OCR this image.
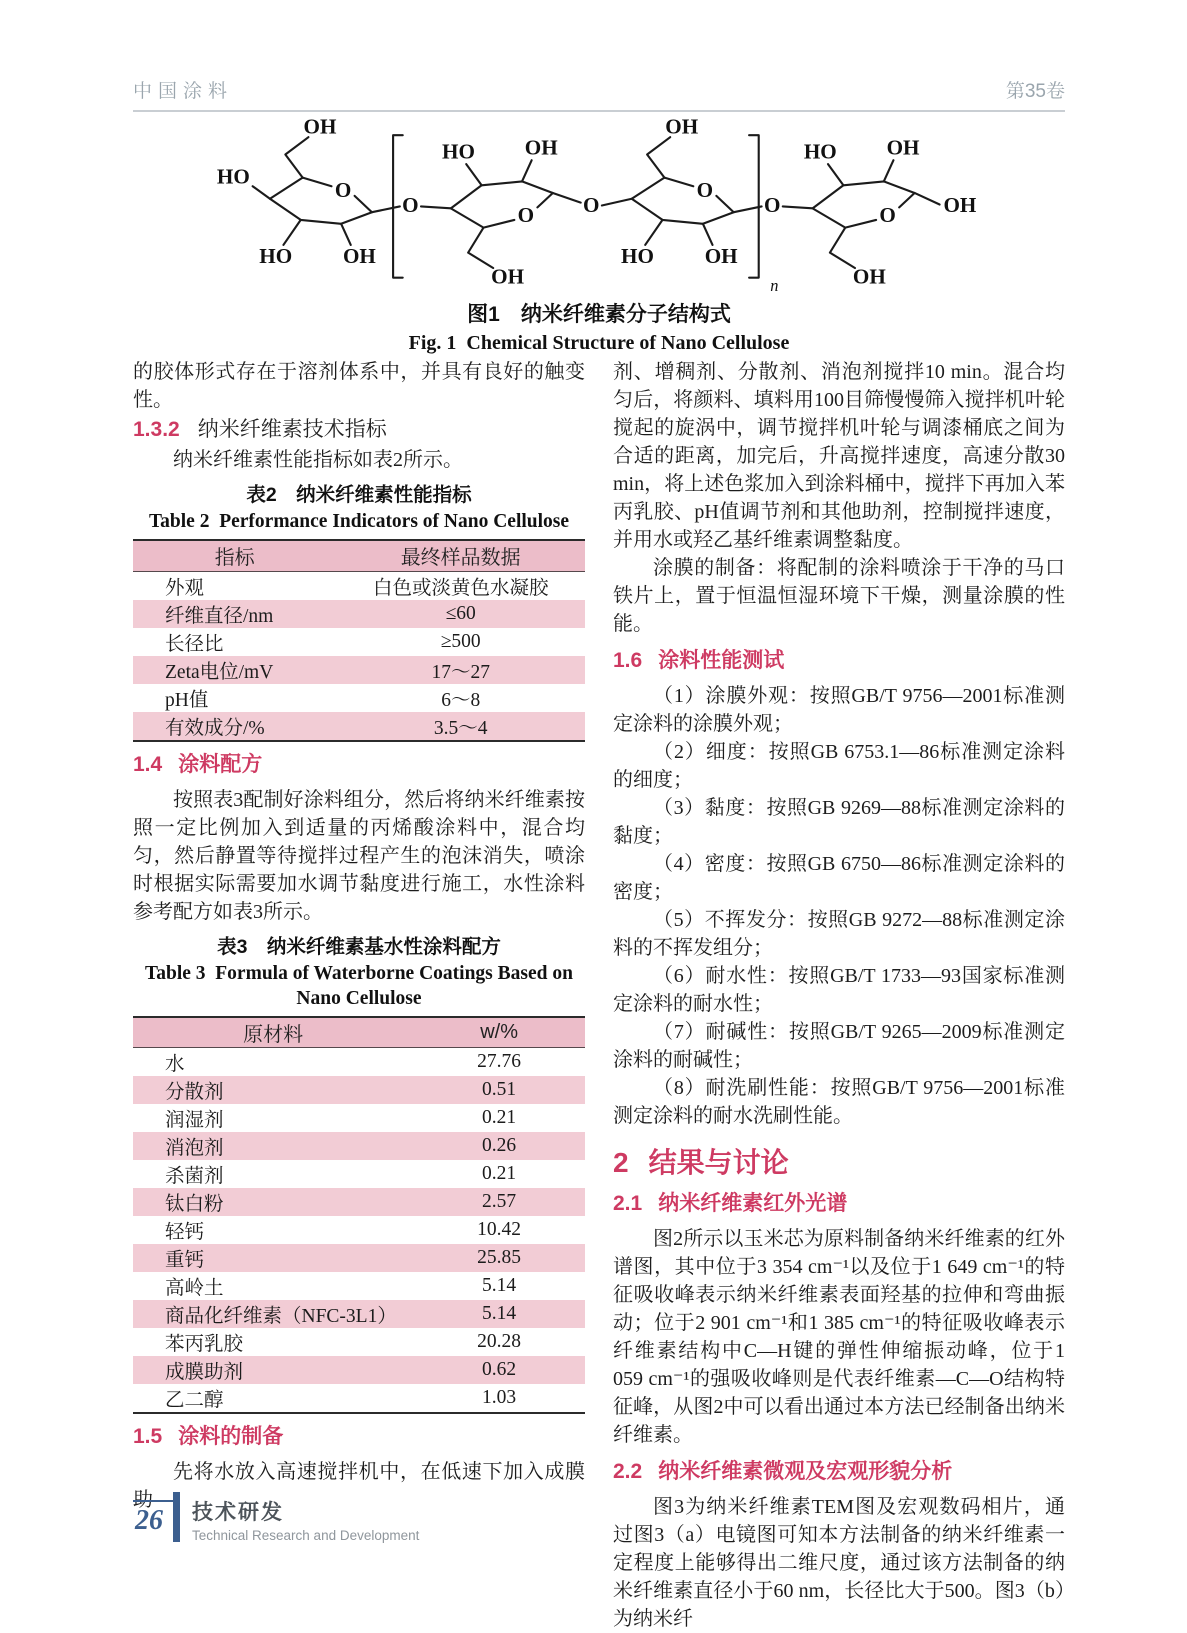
中国涂料	第35卷
O
OH
HO
HO OH
O	O
HO OH
OH
O
O
OH
HO OH
n
O	O
HO OH
OH
OH
图1　纳米纤维素分子结构式
Fig. 1  Chemical Structure of Nano Cellulose

的胶体形式存在于溶剂体系中，并具有良好的触变性。

1.3.2 纳米纤维素技术指标

纳米纤维素性能指标如表2所示。

表2　纳米纤维素性能指标
Table 2  Performance Indicators of Nano Cellulose
指标	最终样品数据
外观	白色或淡黄色水凝胶
纤维直径/nm	≤60
长径比	≥500
Zeta电位/mV	17～27
pH值	6～8
有效成分/%	3.5～4
1.4 涂料配方

按照表3配制好涂料组分，然后将纳米纤维素按照一定比例加入到适量的丙烯酸涂料中，混合均匀，然后静置等待搅拌过程产生的泡沫消失，喷涂时根据实际需要加水调节黏度进行施工，水性涂料参考配方如表3所示。

表3　纳米纤维素基水性涂料配方
Table 3  Formula of Waterborne Coatings Based on Nano Cellulose
原材料	w/%
水	27.76
分散剂	0.51
润湿剂	0.21
消泡剂	0.26
杀菌剂	0.21
钛白粉	2.57
轻钙	10.42
重钙	25.85
高岭土	5.14
商品化纤维素（NFC-3L1）	5.14
苯丙乳胶	20.28
成膜助剂	0.62
乙二醇	1.03
1.5 涂料的制备

先将水放入高速搅拌机中，在低速下加入成膜助

剂、增稠剂、分散剂、消泡剂搅拌10 min。混合均匀后，将颜料、填料用100目筛慢慢筛入搅拌机叶轮搅起的旋涡中，调节搅拌机叶轮与调漆桶底之间为合适的距离，加完后，升高搅拌速度，高速分散30 min，将上述色浆加入到涂料桶中，搅拌下再加入苯丙乳胶、pH值调节剂和其他助剂，控制搅拌速度，并用水或羟乙基纤维素调整黏度。

涂膜的制备：将配制的涂料喷涂于干净的马口铁片上，置于恒温恒湿环境下干燥，测量涂膜的性能。

1.6 涂料性能测试

（1）涂膜外观：按照GB/T 9756—2001标准测定涂料的涂膜外观；

（2）细度：按照GB 6753.1—86标准测定涂料的细度；

（3）黏度：按照GB 9269—88标准测定涂料的黏度；

（4）密度：按照GB 6750—86标准测定涂料的密度；

（5）不挥发分：按照GB 9272—88标准测定涂料的不挥发组分；

（6）耐水性：按照GB/T 1733—93国家标准测定涂料的耐水性；

（7）耐碱性：按照GB/T 9265—2009标准测定涂料的耐碱性；

（8）耐洗刷性能：按照GB/T 9756—2001标准测定涂料的耐水洗刷性能。

2 结果与讨论
2.1 纳米纤维素红外光谱

图2所示以玉米芯为原料制备纳米纤维素的红外谱图，其中位于3 354 cm⁻¹以及位于1 649 cm⁻¹的特征吸收峰表示纳米纤维素表面羟基的拉伸和弯曲振动；位于2 901 cm⁻¹和1 385 cm⁻¹的特征吸收峰表示纤维素结构中C—H键的弹性伸缩振动峰，位于1 059 cm⁻¹的强吸收峰则是代表纤维素—C—O结构特征峰，从图2中可以看出通过本方法已经制备出纳米纤维素。

2.2 纳米纤维素微观及宏观形貌分析

图3为纳米纤维素TEM图及宏观数码相片，通过图3（a）电镜图可知本方法制备的纳米纤维素一定程度上能够得出二维尺度，通过该方法制备的纳米纤维素直径小于60 nm，长径比大于500。图3（b）为纳米纤

26	技术研发
Technical Research and Development
